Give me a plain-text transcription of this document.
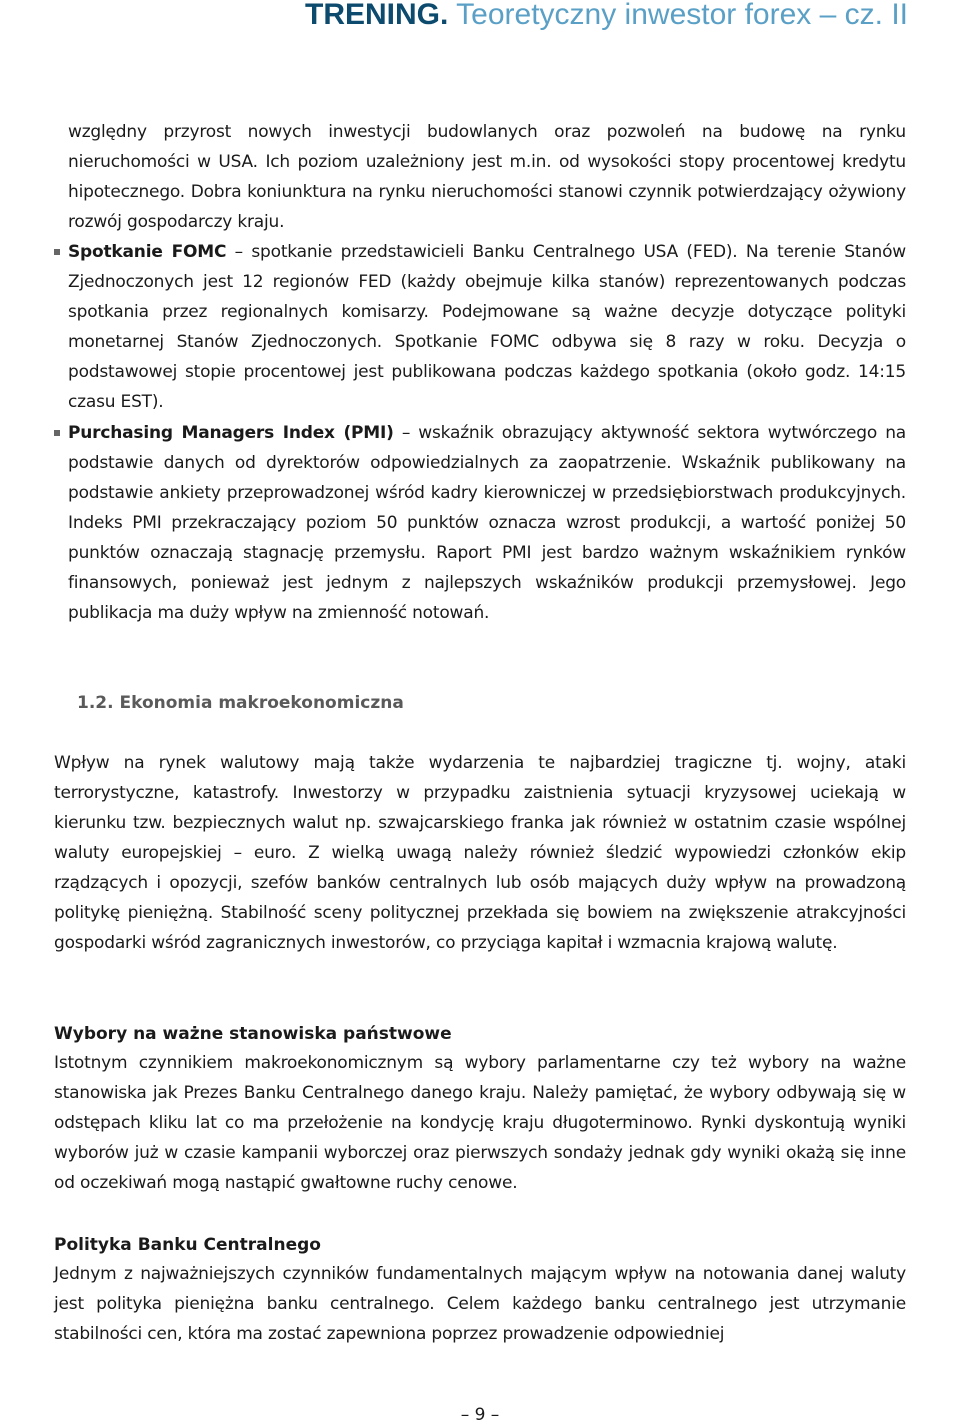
TRENING. Teoretyczny inwestor forex – cz. II
względny przyrost nowych inwestycji budowlanych oraz pozwoleń na budowę na rynku nieruchomości w USA. Ich poziom uzależniony jest m.in. od wysokości stopy procentowej kredytu hipotecznego. Dobra koniunktura na rynku nieruchomości stanowi czynnik potwierdzający ożywiony rozwój gospodarczy kraju.
Spotkanie FOMC – spotkanie przedstawicieli Banku Centralnego USA (FED). Na terenie Stanów Zjednoczonych jest 12 regionów FED (każdy obejmuje kilka stanów) reprezentowanych podczas spotkania przez regionalnych komisarzy. Podejmowane są ważne decyzje dotyczące polityki monetarnej Stanów Zjednoczonych. Spotkanie FOMC odbywa się 8 razy w roku. Decyzja o podstawowej stopie procentowej jest publikowana podczas każdego spotkania (około godz. 14:15 czasu EST).
Purchasing Managers Index (PMI) – wskaźnik obrazujący aktywność sektora wytwórczego na podstawie danych od dyrektorów odpowiedzialnych za zaopatrzenie. Wskaźnik publikowany na podstawie ankiety przeprowadzonej wśród kadry kierowniczej w przedsiębiorstwach produkcyjnych. Indeks PMI przekraczający poziom 50 punktów oznacza wzrost produkcji, a wartość poniżej 50 punktów oznaczają stagnację przemysłu. Raport PMI jest bardzo ważnym wskaźnikiem rynków finansowych, ponieważ jest jednym z najlepszych wskaźników produkcji przemysłowej. Jego publikacja ma duży wpływ na zmienność notowań.
1.2. Ekonomia makroekonomiczna
Wpływ na rynek walutowy mają także wydarzenia te najbardziej tragiczne tj. wojny, ataki terrorystyczne, katastrofy. Inwestorzy w przypadku zaistnienia sytuacji kryzysowej uciekają w kierunku tzw. bezpiecznych walut np. szwajcarskiego franka jak również w ostatnim czasie wspólnej waluty europejskiej – euro. Z wielką uwagą należy również śledzić wypowiedzi członków ekip rządzących i opozycji, szefów banków centralnych lub osób mających duży wpływ na prowadzoną politykę pieniężną. Stabilność sceny politycznej przekłada się bowiem na zwiększenie atrakcyjności gospodarki wśród zagranicznych inwestorów, co przyciąga kapitał i wzmacnia krajową walutę.
Wybory na ważne stanowiska państwowe
Istotnym czynnikiem makroekonomicznym są wybory parlamentarne czy też wybory na ważne stanowiska jak Prezes Banku Centralnego danego kraju. Należy pamiętać, że wybory odbywają się w odstępach kliku lat co ma przełożenie na kondycję kraju długoterminowo. Rynki dyskontują wyniki wyborów już w czasie kampanii wyborczej oraz pierwszych sondaży jednak gdy wyniki okażą się inne od oczekiwań mogą nastąpić gwałtowne ruchy cenowe.
Polityka Banku Centralnego
Jednym z najważniejszych czynników fundamentalnych mającym wpływ na notowania danej waluty jest polityka pieniężna banku centralnego. Celem każdego banku centralnego jest utrzymanie stabilności cen, która ma zostać zapewniona poprzez prowadzenie odpowiedniej
– 9 –
